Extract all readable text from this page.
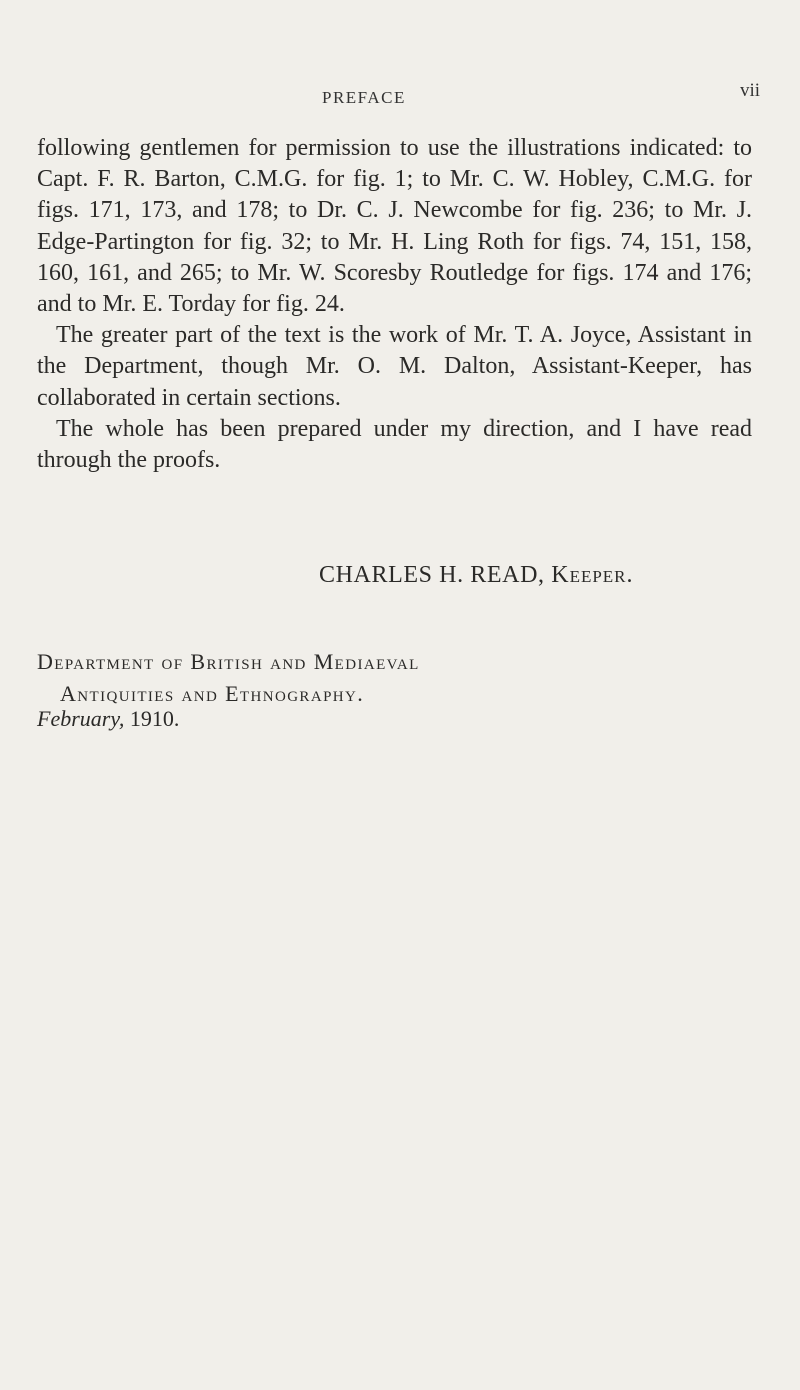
PREFACE	vii

following gentlemen for permission to use the illustrations indicated: to Capt. F. R. Barton, C.M.G. for fig. 1; to Mr. C. W. Hobley, C.M.G. for figs. 171, 173, and 178; to Dr. C. J. Newcombe for fig. 236; to Mr. J. Edge-Partington for fig. 32; to Mr. H. Ling Roth for figs. 74, 151, 158, 160, 161, and 265; to Mr. W. Scoresby Routledge for figs. 174 and 176; and to Mr. E. Torday for fig. 24.

The greater part of the text is the work of Mr. T. A. Joyce, Assistant in the Department, though Mr. O. M. Dalton, Assistant-Keeper, has collaborated in certain sections.

The whole has been prepared under my direction, and I have read through the proofs.

CHARLES H. READ, Keeper.
Department of British and Mediaeval
Antiquities and Ethnography.
February, 1910.
